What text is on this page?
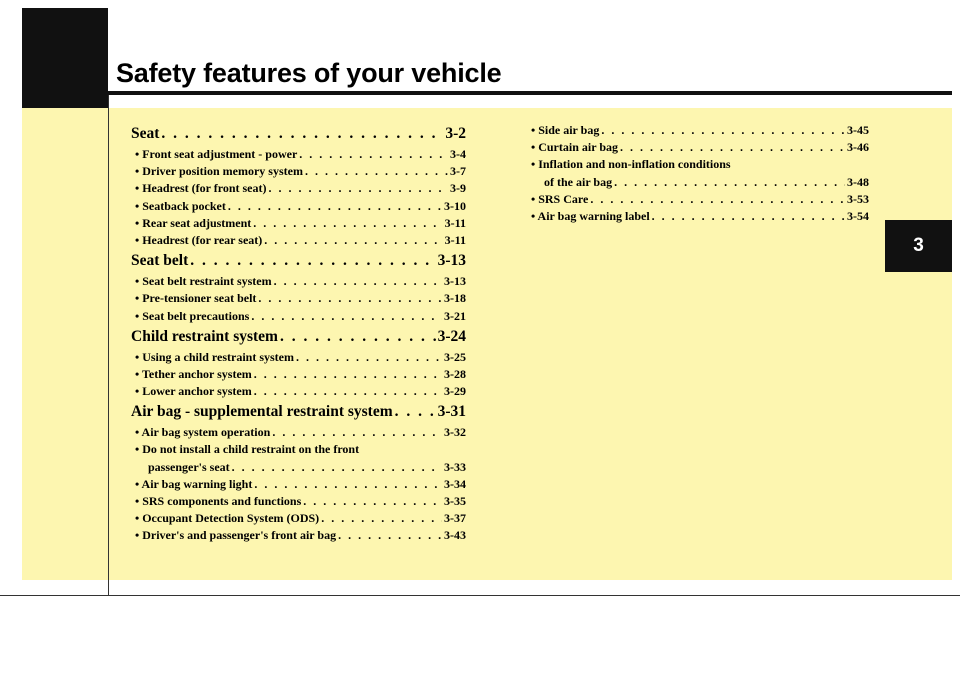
Safety features of your vehicle
3
Seat . . .	3-2
• Front seat adjustment - power . . .	3-4
• Driver position memory system . . .	3-7
• Headrest (for front seat) . . .	3-9
• Seatback pocket . . .	3-10
• Rear seat adjustment . . .	3-11
• Headrest (for rear seat) . . .	3-11
Seat belt . . .	3-13
• Seat belt restraint system . . .	3-13
• Pre-tensioner seat belt . . .	3-18
• Seat belt precautions . . .	3-21
Child restraint system . . .	3-24
• Using a child restraint system . . .	3-25
• Tether anchor system . . .	3-28
• Lower anchor system . . .	3-29
Air bag - supplemental restraint system . . .	3-31
• Air bag system operation . . .	3-32
• Do not install a child restraint on the front
passenger's seat . . .	3-33
• Air bag warning light . . .	3-34
• SRS components and functions . . .	3-35
• Occupant Detection System (ODS) . . .	3-37
• Driver's and passenger's front air bag . . .	3-43
• Side air bag . . .	3-45
• Curtain air bag . . .	3-46
• Inflation and non-inflation conditions
of the air bag . . .	3-48
• SRS Care . . .	3-53
• Air bag warning label . . .	3-54
